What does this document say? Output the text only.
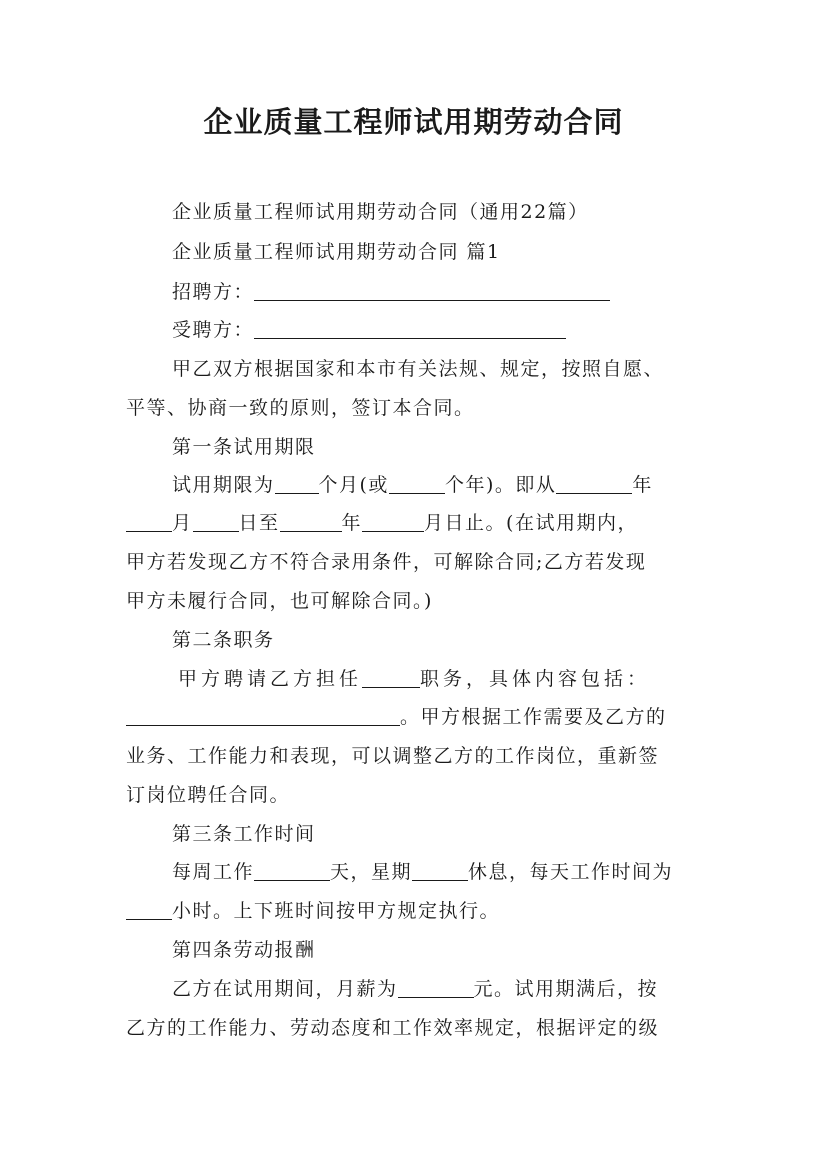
企业质量工程师试用期劳动合同
企业质量工程师试用期劳动合同（通用22篇）
企业质量工程师试用期劳动合同 篇1
招聘方：
受聘方：
甲乙双方根据国家和本市有关法规、规定，按照自愿、
平等、协商一致的原则，签订本合同。
第一条试用期限
试用期限为 个月(或	个年)。即从	年
月 日至	年	月日止。(在试用期内，
甲方若发现乙方不符合录用条件，可解除合同;乙方若发现
甲方未履行合同，也可解除合同。)
第二条职务
甲方聘请乙方担任	职务，具体内容包括：
。甲方根据工作需要及乙方的
业务、工作能力和表现，可以调整乙方的工作岗位，重新签
订岗位聘任合同。
第三条工作时间
每周工作	天，星期	休息，每天工作时间为
小时。上下班时间按甲方规定执行。
第四条劳动报酬
乙方在试用期间，月薪为	元。试用期满后，按
乙方的工作能力、劳动态度和工作效率规定，根据评定的级
